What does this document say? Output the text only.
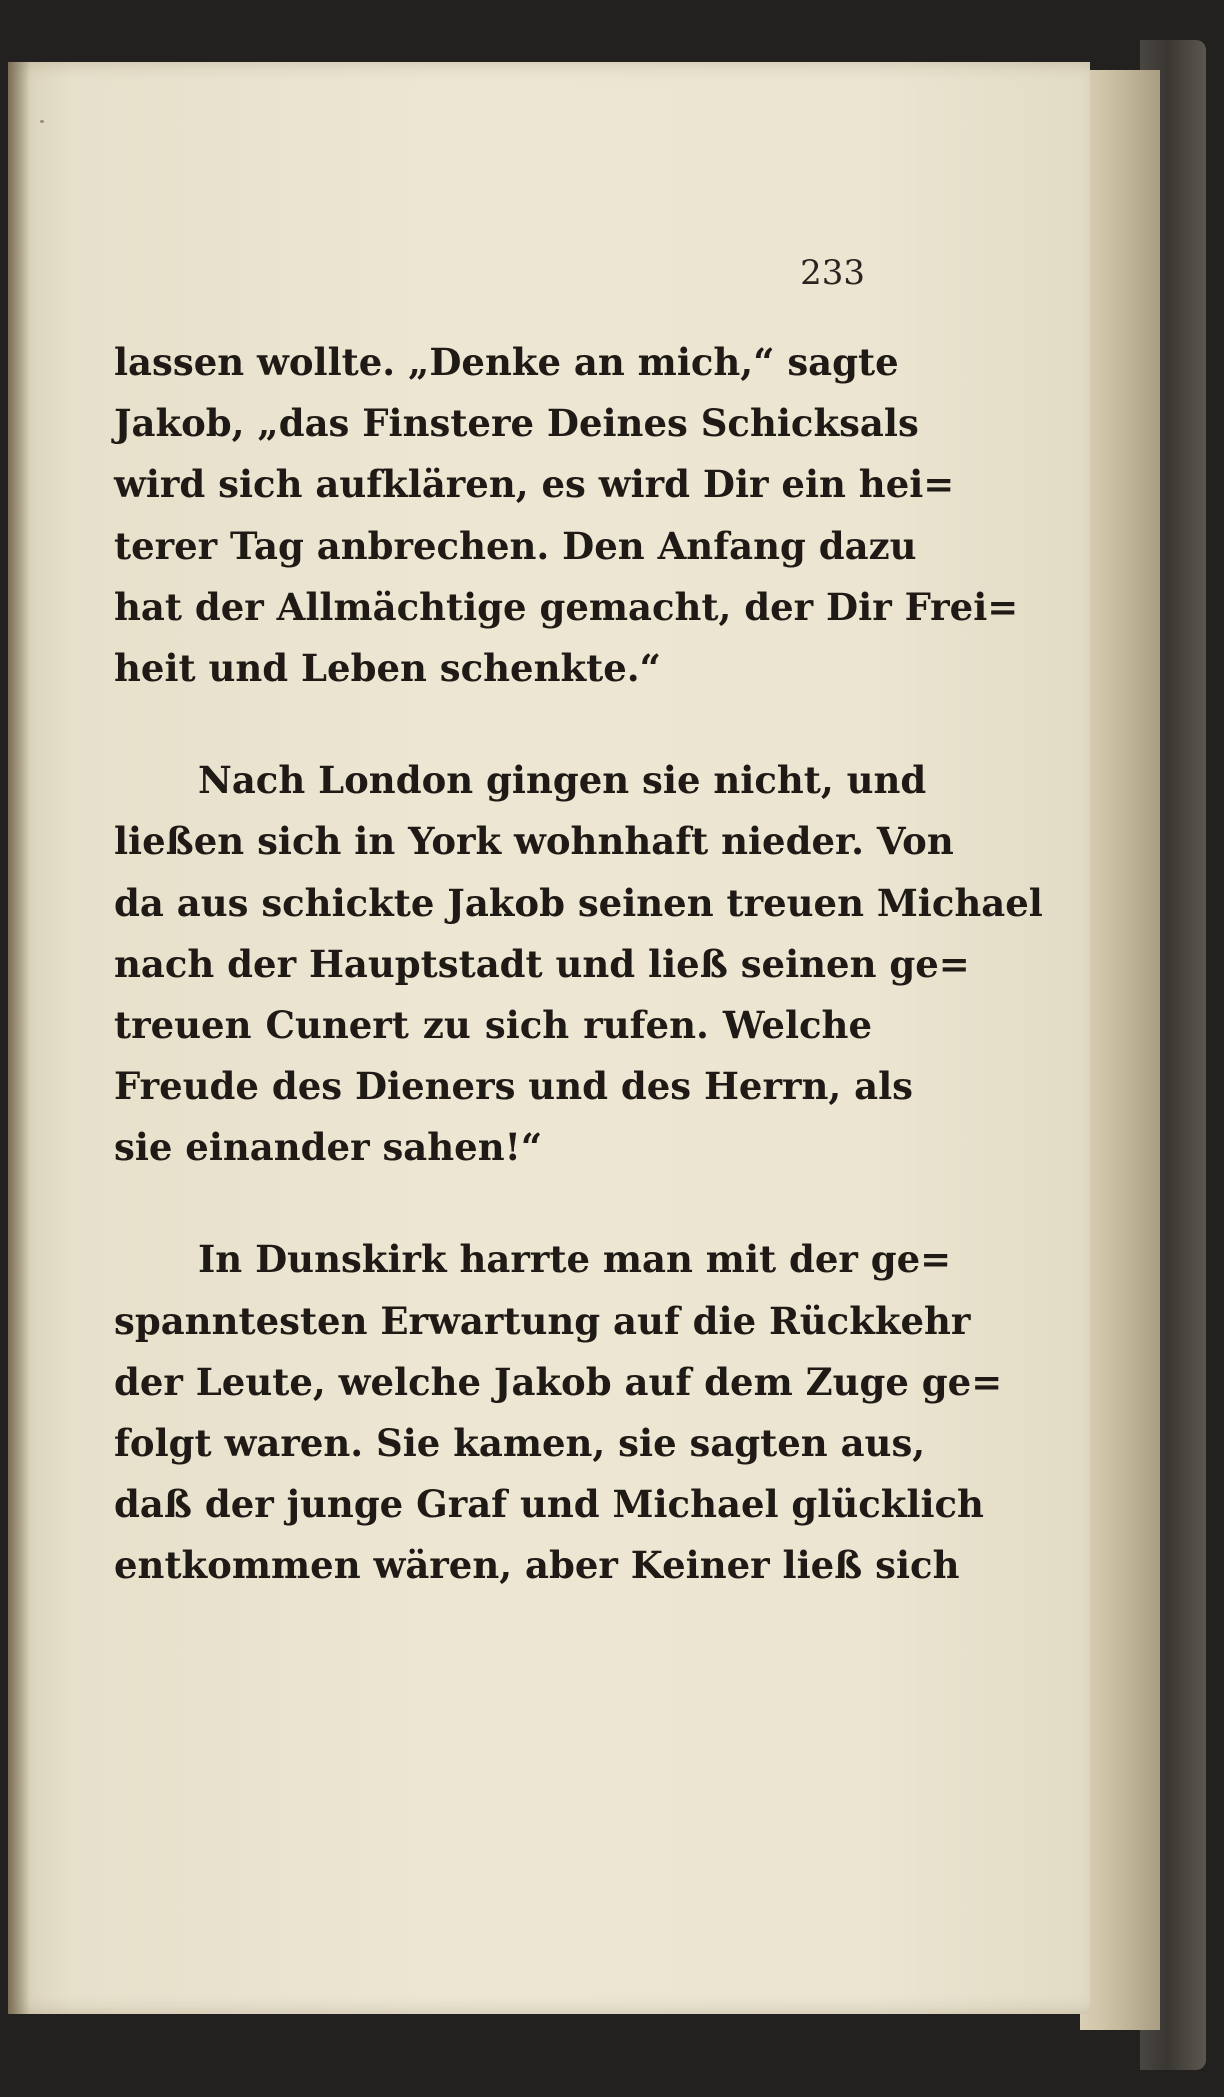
233
lassen wollte. „Denke an mich,“ sagte
Jakob, „das Finstere Deines Schicksals
wird sich aufklären, es wird Dir ein hei=
terer Tag anbrechen. Den Anfang dazu
hat der Allmächtige gemacht, der Dir Frei=
heit und Leben schenkte.“
Nach London gingen sie nicht, und
ließen sich in York wohnhaft nieder. Von
da aus schickte Jakob seinen treuen Michael
nach der Hauptstadt und ließ seinen ge=
treuen Cunert zu sich rufen. Welche
Freude des Dieners und des Herrn, als
sie einander sahen!“
In Dunskirk harrte man mit der ge=
spanntesten Erwartung auf die Rückkehr
der Leute, welche Jakob auf dem Zuge ge=
folgt waren. Sie kamen, sie sagten aus,
daß der junge Graf und Michael glücklich
entkommen wären, aber Keiner ließ sich
